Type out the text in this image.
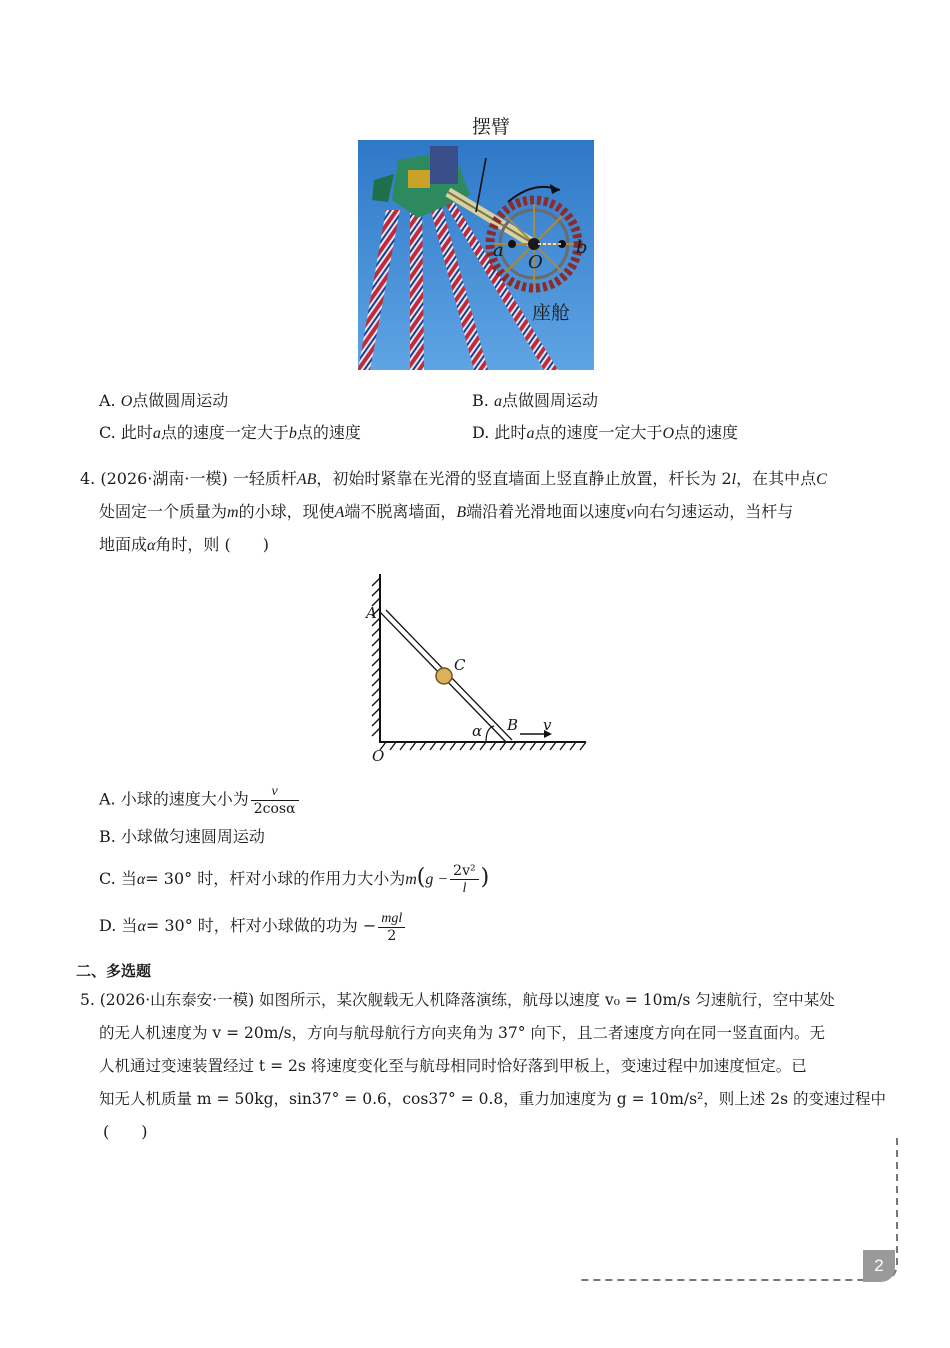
摆臂
a
O
b
座舱
A. O点做圆周运动	B. a点做圆周运动
C. 此时a点的速度一定大于b点的速度	D. 此时a点的速度一定大于O点的速度
4. (2026·湖南·一模) 一轻质杆AB，初始时紧靠在光滑的竖直墙面上竖直静止放置，杆长为 2l，在其中点C
处固定一个质量为m的小球，现使A端不脱离墙面，B端沿着光滑地面以速度v向右匀速运动，当杆与
地面成α角时，则 (　　)
A
C
B v
α
O
A. 小球的速度大小为 $\frac{v}{2\cos\alpha}$
B. 小球做匀速圆周运动
C. 当α= 30° 时，杆对小球的作用力大小为$m(g - \frac{\text{2v²}}{l}$ )
D. 当α= 30° 时，杆对小球做的功为 − $\frac{\text{mgl}}{2}$
二、多选题
5. (2026·山东泰安·一模) 如图所示，某次舰载无人机降落演练，航母以速度 v₀ = 10m/s 匀速航行，空中某处
的无人机速度为 v = 20m/s，方向与航母航行方向夹角为 37° 向下，且二者速度方向在同一竖直面内。无
人机通过变速装置经过 t = 2s 将速度变化至与航母相同时恰好落到甲板上，变速过程中加速度恒定。已
知无人机质量 m = 50kg，sin37° = 0.6，cos37° = 0.8，重力加速度为 g = 10m/s²，则上述 2s 的变速过程中
(　　)
2
